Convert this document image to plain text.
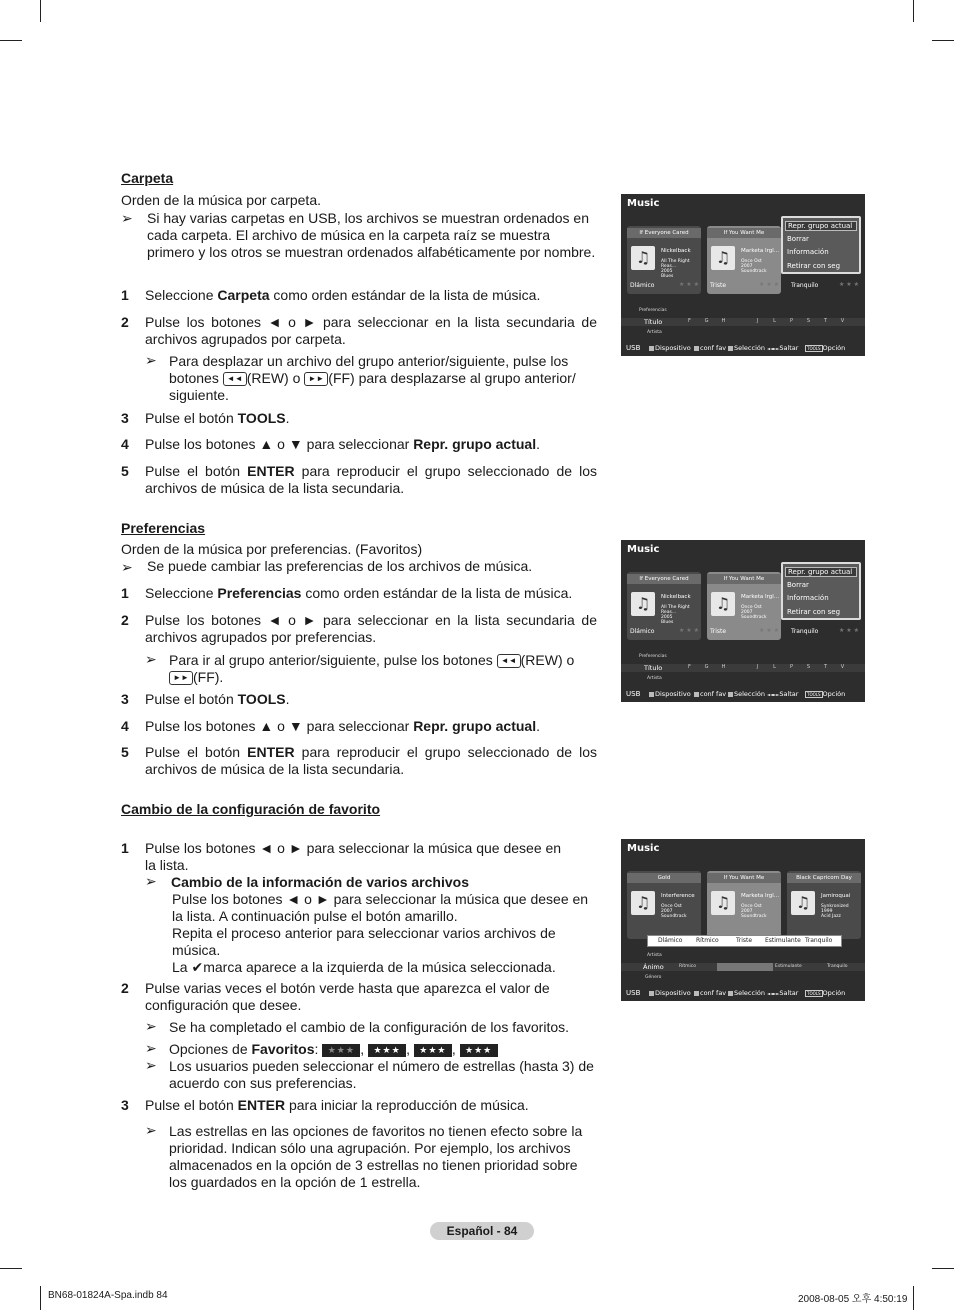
Carpeta
Orden de la música por carpeta.
➢ Si hay varias carpetas en USB, los archivos se muestran ordenados en cada carpeta. El archivo de música en la carpeta raíz se muestra primero y los otros se muestran ordenados alfabéticamente por nombre.
1 Seleccione Carpeta como orden estándar de la lista de música.
2 Pulse los botones ◄ o ► para seleccionar en la lista secundaria de archivos agrupados por carpeta.
➢ Para desplazar un archivo del grupo anterior/siguiente, pulse los botones ◄◄ (REW) o ►► (FF) para desplazarse al grupo anterior/ siguiente.
3 Pulse el botón TOOLS.
4 Pulse los botones ▲ o ▼ para seleccionar Repr. grupo actual.
5 Pulse el botón ENTER para reproducir el grupo seleccionado de los archivos de música de la lista secundaria.
Preferencias
Orden de la música por preferencias. (Favoritos)
➢ Se puede cambiar las preferencias de los archivos de música.
1 Seleccione Preferencias como orden estándar de la lista de música.
2 Pulse los botones ◄ o ► para seleccionar en la lista secundaria de archivos agrupados por preferencias.
➢ Para ir al grupo anterior/siguiente, pulse los botones ◄◄ (REW) o
►► (FF).
3 Pulse el botón TOOLS.
4 Pulse los botones ▲ o ▼ para seleccionar Repr. grupo actual.
5 Pulse el botón ENTER para reproducir el grupo seleccionado de los archivos de música de la lista secundaria.
Cambio de la configuración de favorito
1 Pulse los botones ◄ o ► para seleccionar la música que desee en la lista.
➢ Cambio de la información de varios archivos
Pulse los botones ◄ o ► para seleccionar la música que desee en la lista. A continuación pulse el botón amarillo.
Repita el proceso anterior para seleccionar varios archivos de música.
La ✔marca aparece a la izquierda de la música seleccionada.
2 Pulse varias veces el botón verde hasta que aparezca el valor de configuración que desee.
➢ Se ha completado el cambio de la configuración de los favoritos.
➢ Opciones de Favoritos: ★★★ , ★★★ , ★★★ , ★★★
➢ Los usuarios pueden seleccionar el número de estrellas (hasta 3) de acuerdo con sus preferencias.
3 Pulse el botón ENTER para iniciar la reproducción de música.
➢ Las estrellas en las opciones de favoritos no tienen efecto sobre la prioridad. Indican sólo una agrupación. Por ejemplo, los archivos almacenados en la opción de 3 estrellas no tienen prioridad sobre los guardados en la opción de 1 estrella.
Music
If Everyone Cared
♫	Nickelback
All The Right Reas...
2005
Blues
If You Want Me
♫	Marketa Irgl...
Once Ost
2007
Soundtrack
Dlámico	★ ★ ★ Triste	★ ★ ★ Tranquilo	★ ★ ★
Repr. grupo actual
Borrar
Información
Retirar con seg
Preferencias
Título	F	G	H	J	L	P	S	T	V
Artista
USB	Dispositivo	conf fav	Selección ◄◄►►Saltar	TOOLS Opción
Music
If Everyone Cared
♫	Nickelback
All The Right Reas...
2005
Blues
If You Want Me
♫	Marketa Irgl...
Once Ost
2007
Soundtrack
Dlámico	★ ★ ★ Triste	★ ★ ★ Tranquilo	★ ★ ★
Repr. grupo actual
Borrar
Información
Retirar con seg
Preferencias
Título	F	G	H	J	L	P	S	T	V
Artista
USB	Dispositivo	conf fav	Selección ◄◄►►Saltar	TOOLS Opción
Music
Gold
♫	Interference
Once Ost
2007
Soundtrack
If You Want Me
♫	Marketa Irgl...
Once Ost
2007
Soundtrack
Black Capricorn Day
♫	Jamiroquai
Synkronized
1999
Acid Jazz
Dlámico Rítmico	Triste Estimulante Tranquilo
Artista
Ánimo	Rítmico	Estimulante	Tranquilo
Género
USB	Dispositivo	conf fav	Selección ◄◄►►Saltar	TOOLS Opción
Español - 84
BN68-01824A-Spa.indb 84	2008-08-05 오후 4:50:19
